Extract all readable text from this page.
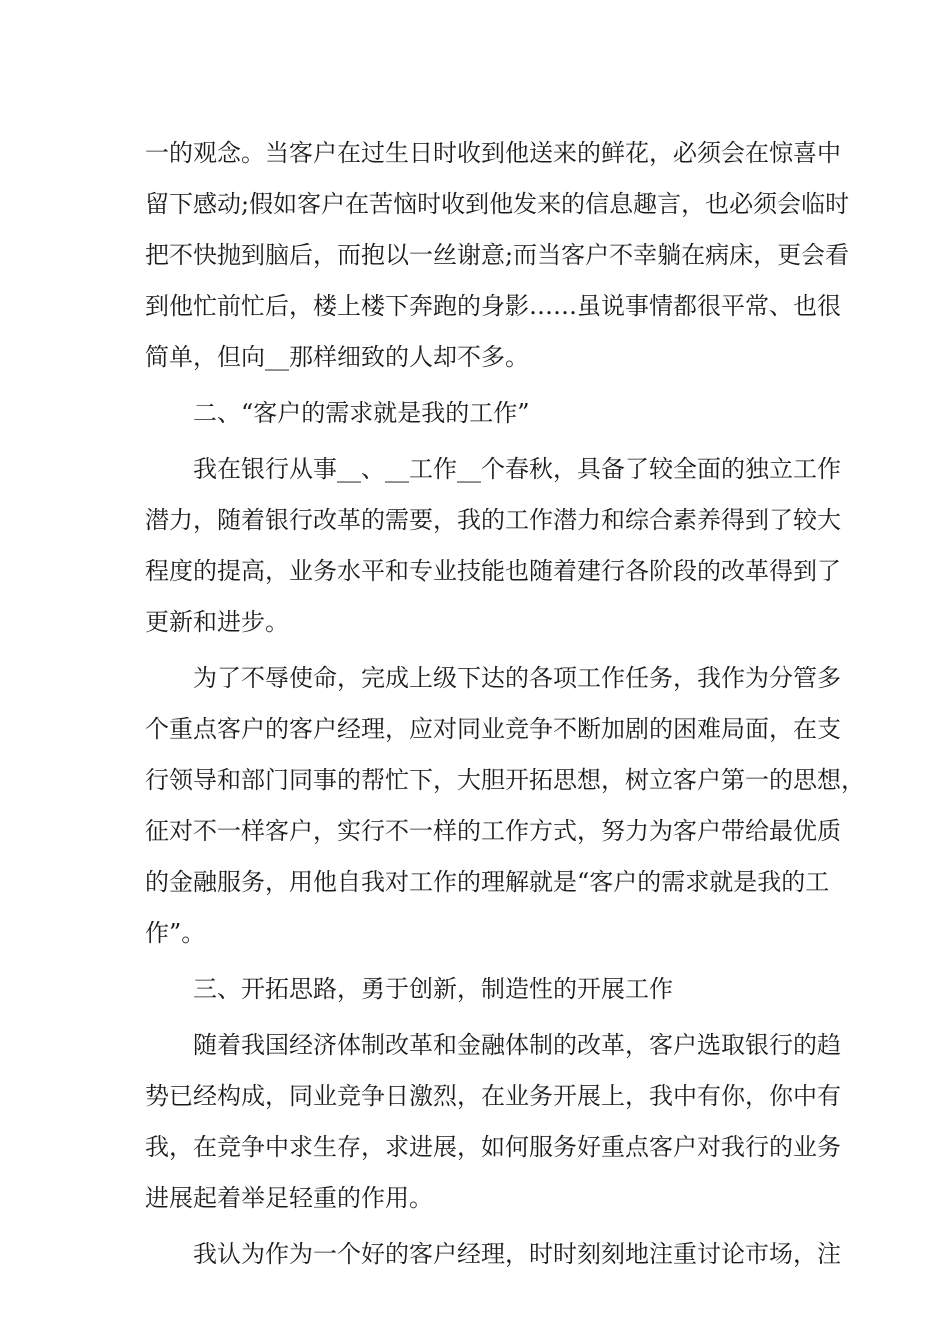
一的观念。当客户在过生日时收到他送来的鲜花，必须会在惊喜中
留下感动;假如客户在苦恼时收到他发来的信息趣言，也必须会临时
把不快抛到脑后，而抱以一丝谢意;而当客户不幸躺在病床，更会看
到他忙前忙后，楼上楼下奔跑的身影……虽说事情都很平常、也很
简单，但向__那样细致的人却不多。
二、“客户的需求就是我的工作”
我在银行从事__、__工作__个春秋，具备了较全面的独立工作
潜力，随着银行改革的需要，我的工作潜力和综合素养得到了较大
程度的提高，业务水平和专业技能也随着建行各阶段的改革得到了
更新和进步。
为了不辱使命，完成上级下达的各项工作任务，我作为分管多
个重点客户的客户经理，应对同业竞争不断加剧的困难局面，在支
行领导和部门同事的帮忙下，大胆开拓思想，树立客户第一的思想，
征对不一样客户，实行不一样的工作方式，努力为客户带给最优质
的金融服务，用他自我对工作的理解就是“客户的需求就是我的工
作”。
三、开拓思路，勇于创新，制造性的开展工作
随着我国经济体制改革和金融体制的改革，客户选取银行的趋
势已经构成，同业竞争日激烈，在业务开展上，我中有你，你中有
我，在竞争中求生存，求进展，如何服务好重点客户对我行的业务
进展起着举足轻重的作用。
我认为作为一个好的客户经理，时时刻刻地注重讨论市场，注
